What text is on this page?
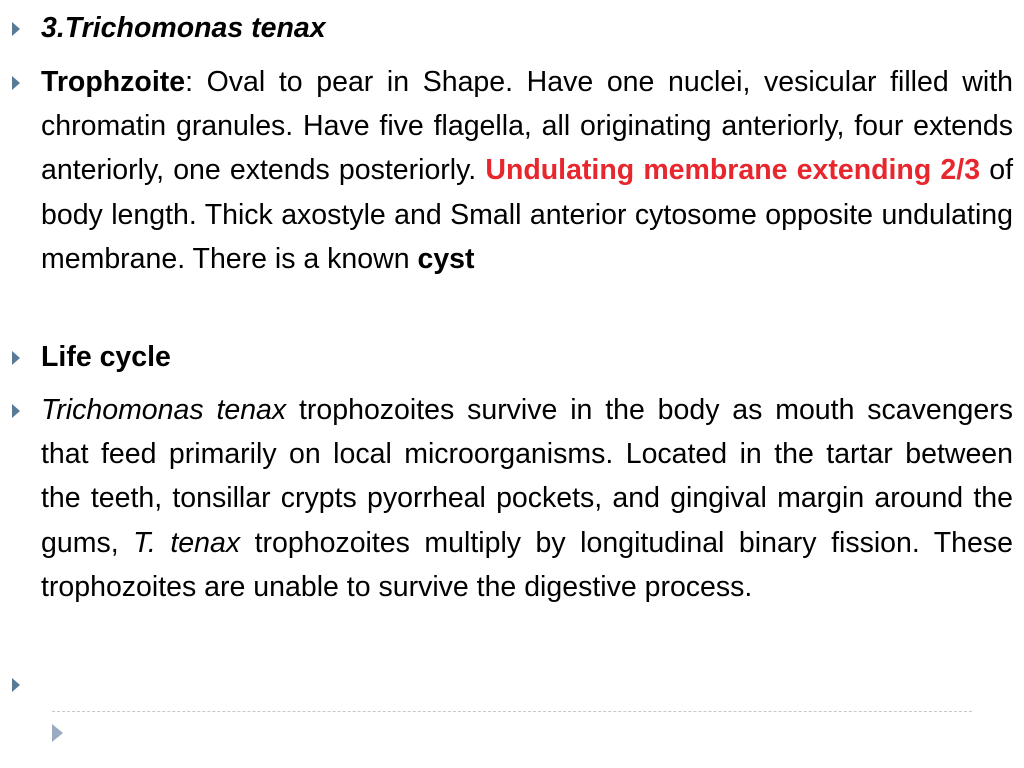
3.Trichomonas tenax
Trophzoite: Oval to pear in Shape. Have one nuclei, vesicular filled with chromatin granules. Have five flagella, all originating anteriorly, four extends anteriorly, one extends posteriorly. Undulating membrane extending 2/3 of body length. Thick axostyle and Small anterior cytosome opposite undulating membrane. There is a known cyst
Life cycle
Trichomonas tenax trophozoites survive in the body as mouth scavengers that feed primarily on local microorganisms. Located in the tartar between the teeth, tonsillar crypts pyorrheal pockets, and gingival margin around the gums, T. tenax trophozoites multiply by longitudinal binary fission. These trophozoites are unable to survive the digestive process.
